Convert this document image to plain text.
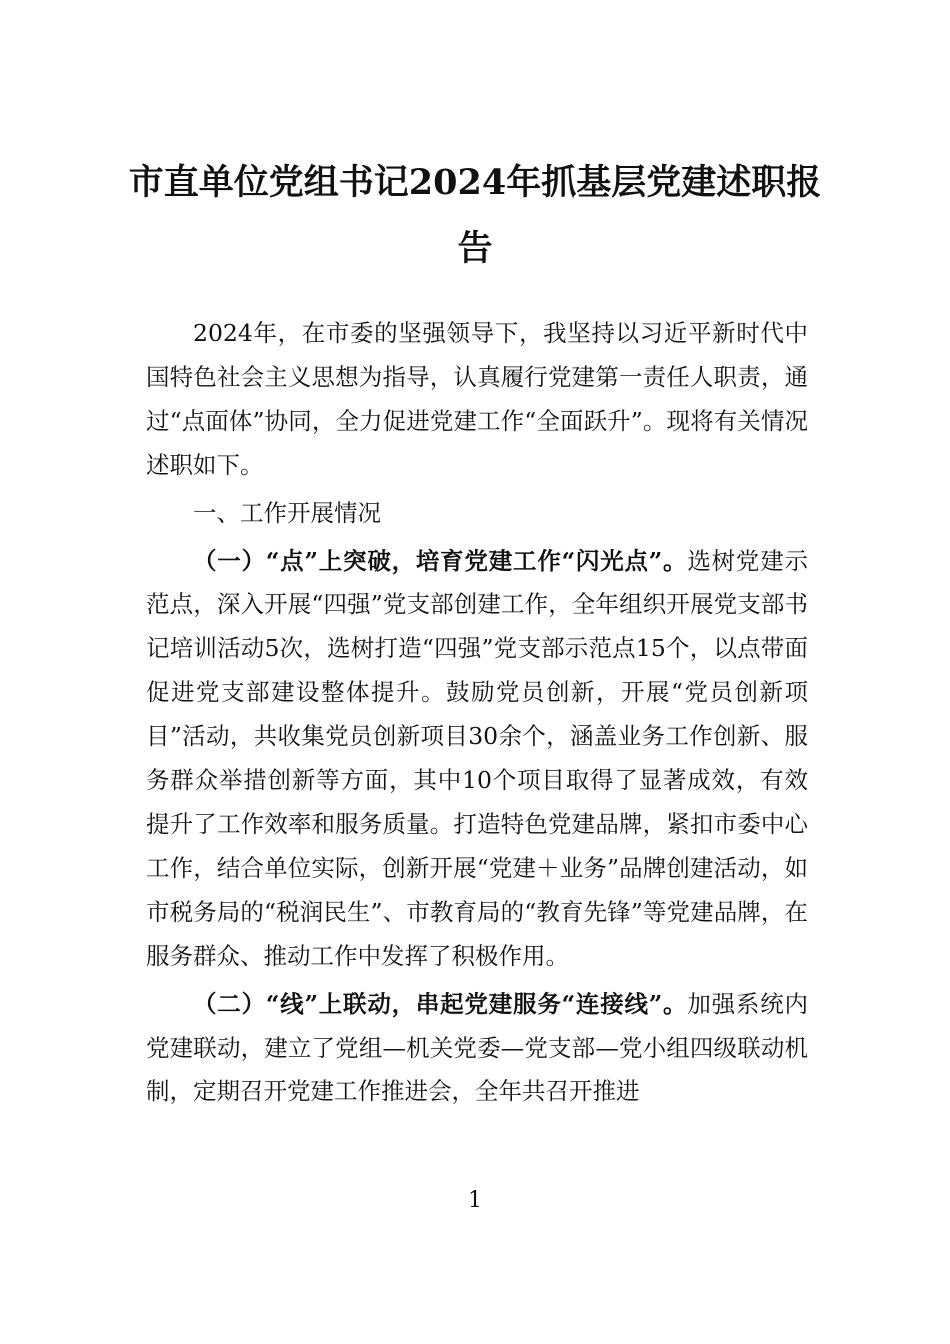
市直单位党组书记2024年抓基层党建述职报告

2024年，在市委的坚强领导下，我坚持以习近平新时代中国特色社会主义思想为指导，认真履行党建第一责任人职责，通过“点面体”协同，全力促进党建工作“全面跃升”。现将有关情况述职如下。

一、工作开展情况

（一）“点”上突破，培育党建工作“闪光点”。选树党建示范点，深入开展“四强”党支部创建工作，全年组织开展党支部书记培训活动5次，选树打造“四强”党支部示范点15个，以点带面促进党支部建设整体提升。鼓励党员创新，开展“党员创新项目”活动，共收集党员创新项目30余个，涵盖业务工作创新、服务群众举措创新等方面，其中10个项目取得了显著成效，有效提升了工作效率和服务质量。打造特色党建品牌，紧扣市委中心工作，结合单位实际，创新开展“党建＋业务”品牌创建活动，如市税务局的“税润民生”、市教育局的“教育先锋”等党建品牌，在服务群众、推动工作中发挥了积极作用。

（二）“线”上联动，串起党建服务“连接线”。加强系统内党建联动，建立了党组—机关党委—党支部—党小组四级联动机制，定期召开党建工作推进会，全年共召开推进

1
